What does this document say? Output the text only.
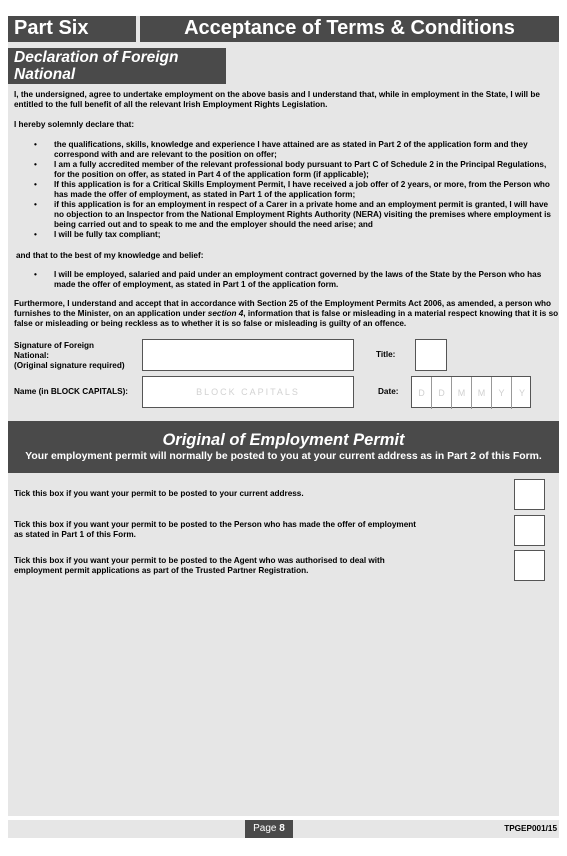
Part Six	Acceptance of Terms & Conditions
Declaration of Foreign National
I, the undersigned, agree to undertake employment on the above basis and I understand that, while in employment in the State, I will be entitled to the full benefit of all the relevant Irish Employment Rights Legislation.
I hereby solemnly declare that:
• the qualifications, skills, knowledge and experience I have attained are as stated in Part 2 of the application form and they correspond with and are relevant to the position on offer;
• I am a fully accredited member of the relevant professional body pursuant to Part C of Schedule 2 in the Principal Regulations, for the position on offer, as stated in Part 4 of the application form (if applicable);
• If this application is for a Critical Skills Employment Permit, I have received a job offer of 2 years, or more, from the Person who has made the offer of employment, as stated in Part 1 of the application form;
• if this application is for an employment in respect of a Carer in a private home and an employment permit is granted, I will have no objection to an Inspector from the National Employment Rights Authority (NERA) visiting the premises where employment is being carried out and to speak to me and the employer should the need arise; and
• I will be fully tax compliant;
and that to the best of my knowledge and belief:
• I will be employed, salaried and paid under an employment contract governed by the laws of the State by the Person who has made the offer of employment, as stated in Part 1 of the application form.
Furthermore, I understand and accept that in accordance with Section 25 of the Employment Permits Act 2006, as amended, a person who furnishes to the Minister, on an application under section 4, information that is false or misleading in a material respect knowing that it is so false or misleading or being reckless as to whether it is so false or misleading is guilty of an offence.
Signature of Foreign
National:
(Original signature required)
Title:
Name (in BLOCK CAPITALS):	BLOCK CAPITALS	Date:	D	D	M	M	Y	Y
Original of Employment Permit
Your employment permit will normally be posted to you at your current address as in Part 2 of this Form.
Tick this box if you want your permit to be posted to your current address.
Tick this box if you want your permit to be posted to the Person who has made the offer of employment
as stated in Part 1 of this Form.
Tick this box if you want your permit to be posted to the Agent who was authorised to deal with
employment permit applications as part of the Trusted Partner Registration.
Page 8	TPGEP001/15
